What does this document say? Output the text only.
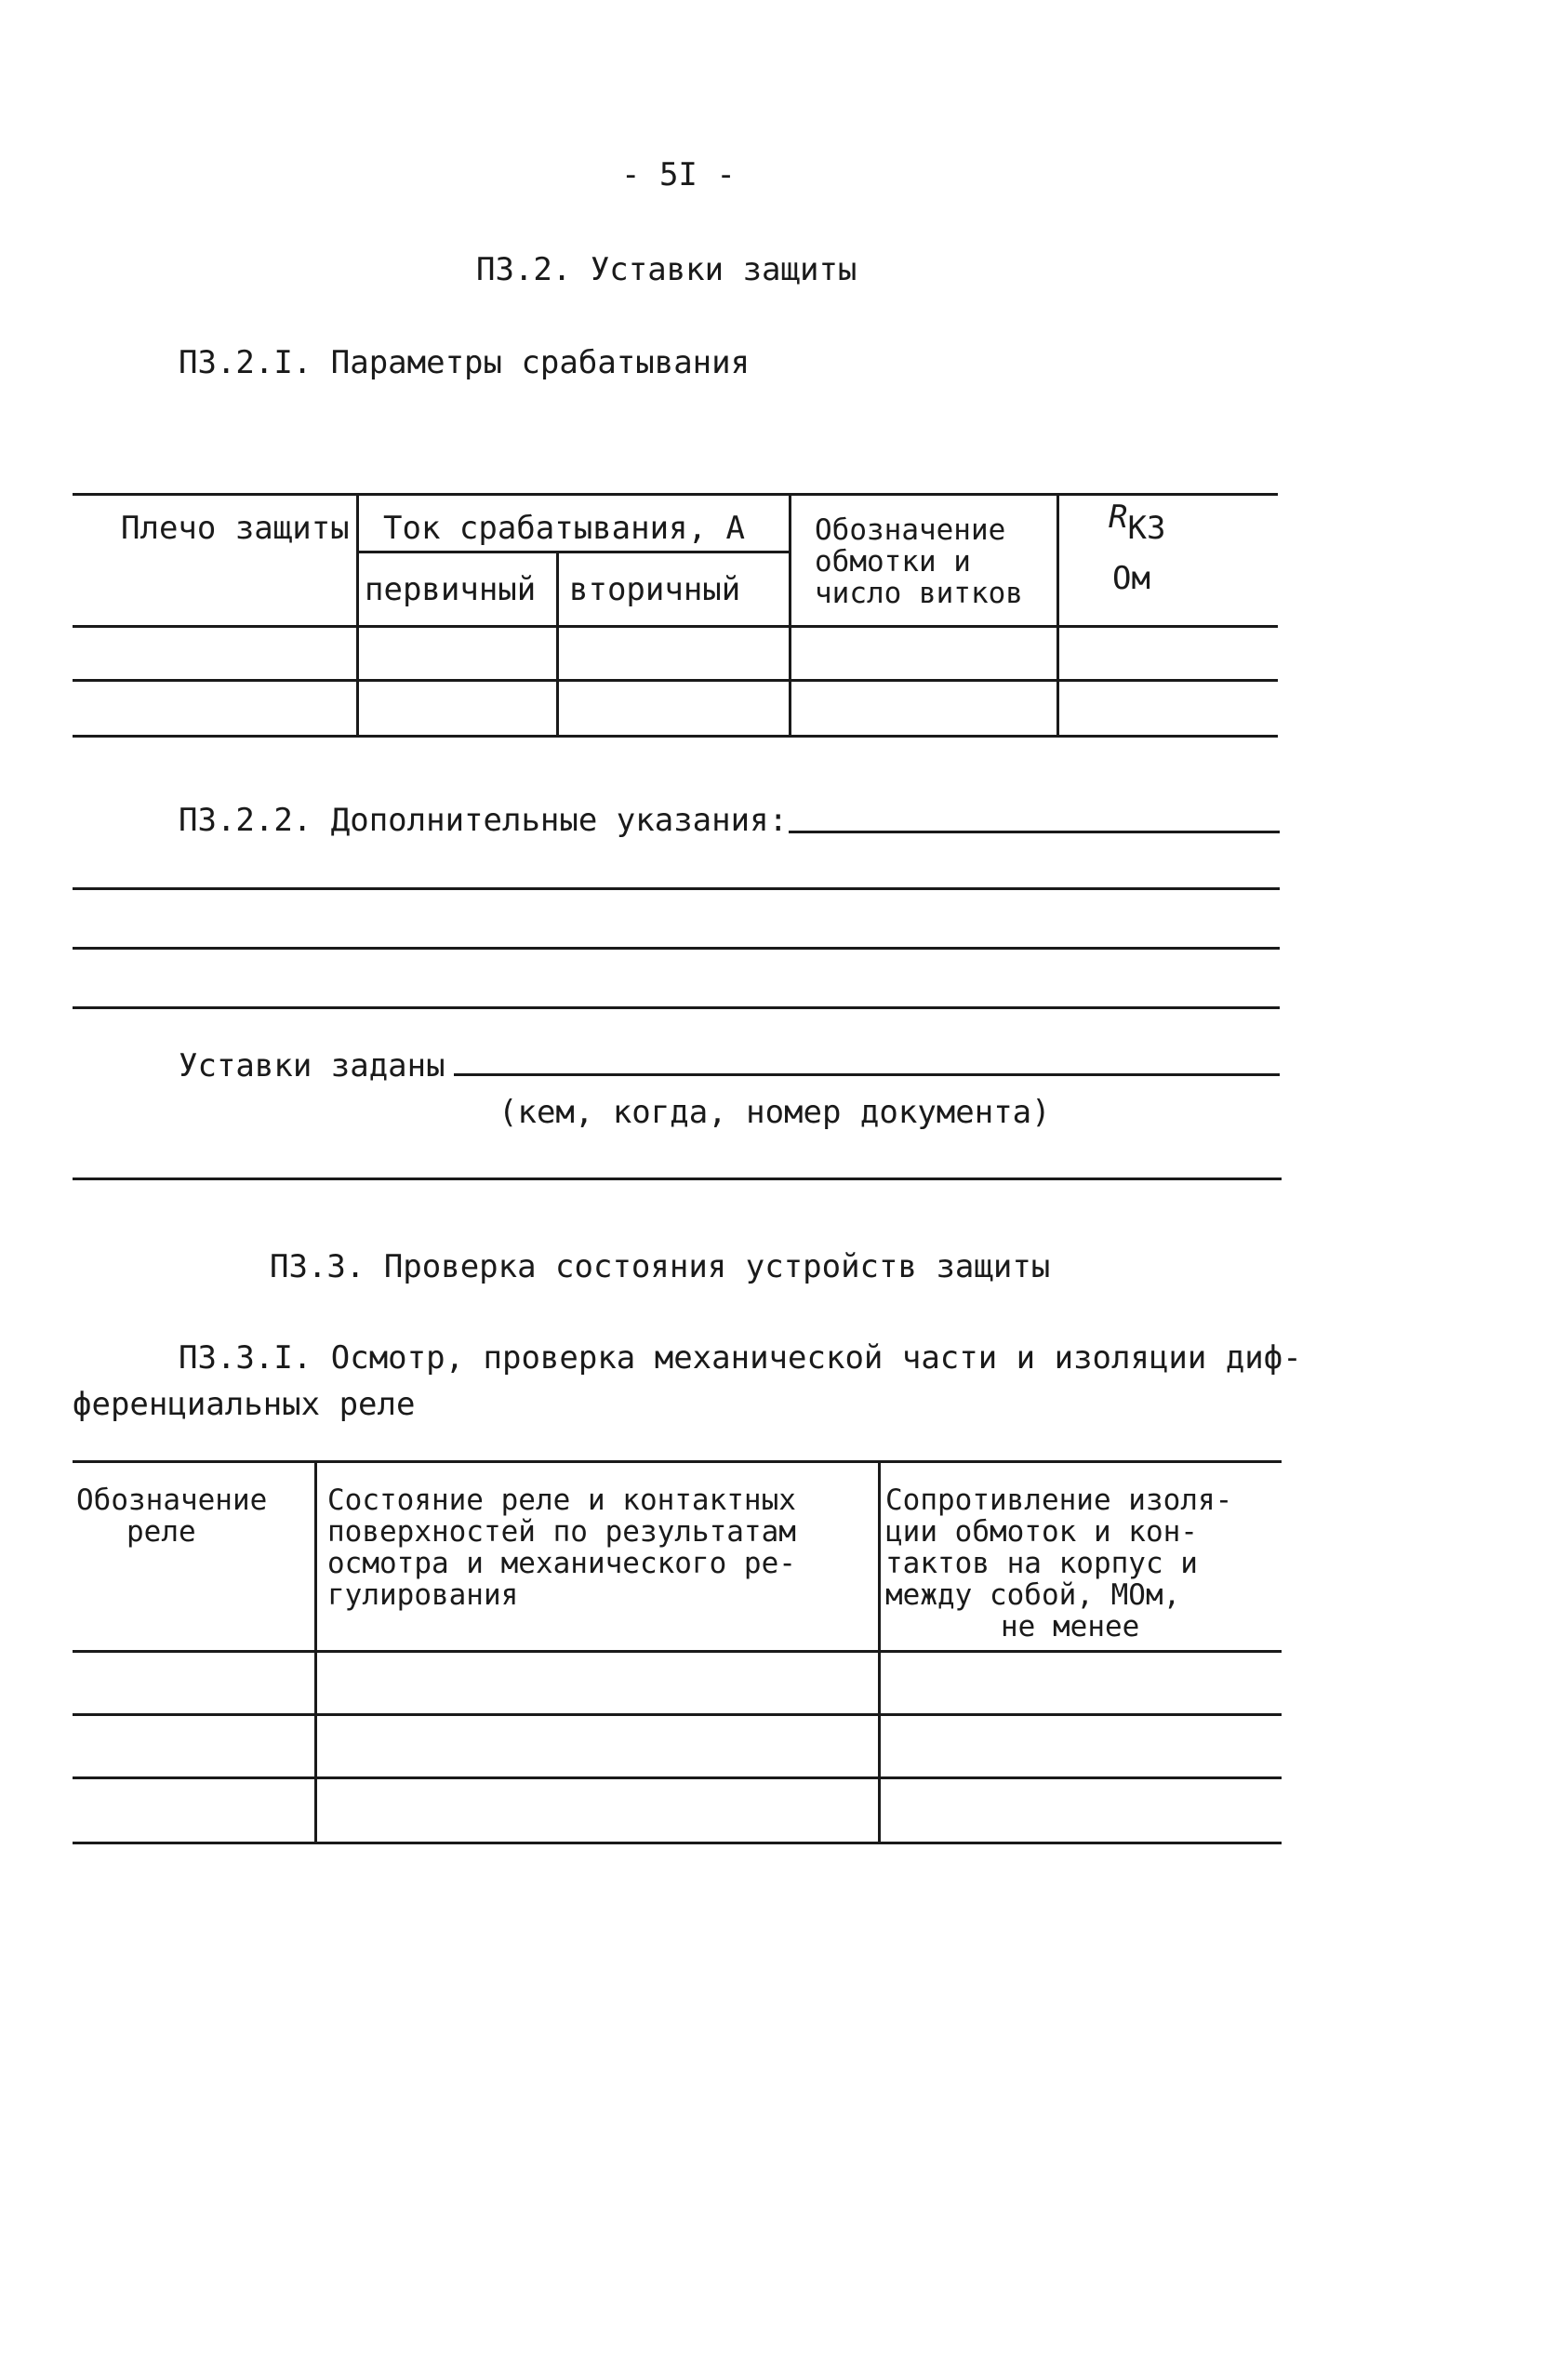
- 5I -
ПЗ.2. Уставки защиты
ПЗ.2.I. Параметры срабатывания
Плечо защиты Ток срабатывания, А
первичный вторичный
Обозначение
обмотки и
число витков
RКЗ
Ом
ПЗ.2.2. Дополнительные указания:
Уставки заданы
(кем, когда, номер документа)
ПЗ.3. Проверка состояния устройств защиты
ПЗ.3.I. Осмотр, проверка механической части и изоляции диф-
ференциальных реле
Обозначение
реле
Состояние реле и контактных
поверхностей по результатам
осмотра и механического ре-
гулирования
Сопротивление изоля-
ции обмоток и кон-
тактов на корпус и
между собой, МОм,
не менее
